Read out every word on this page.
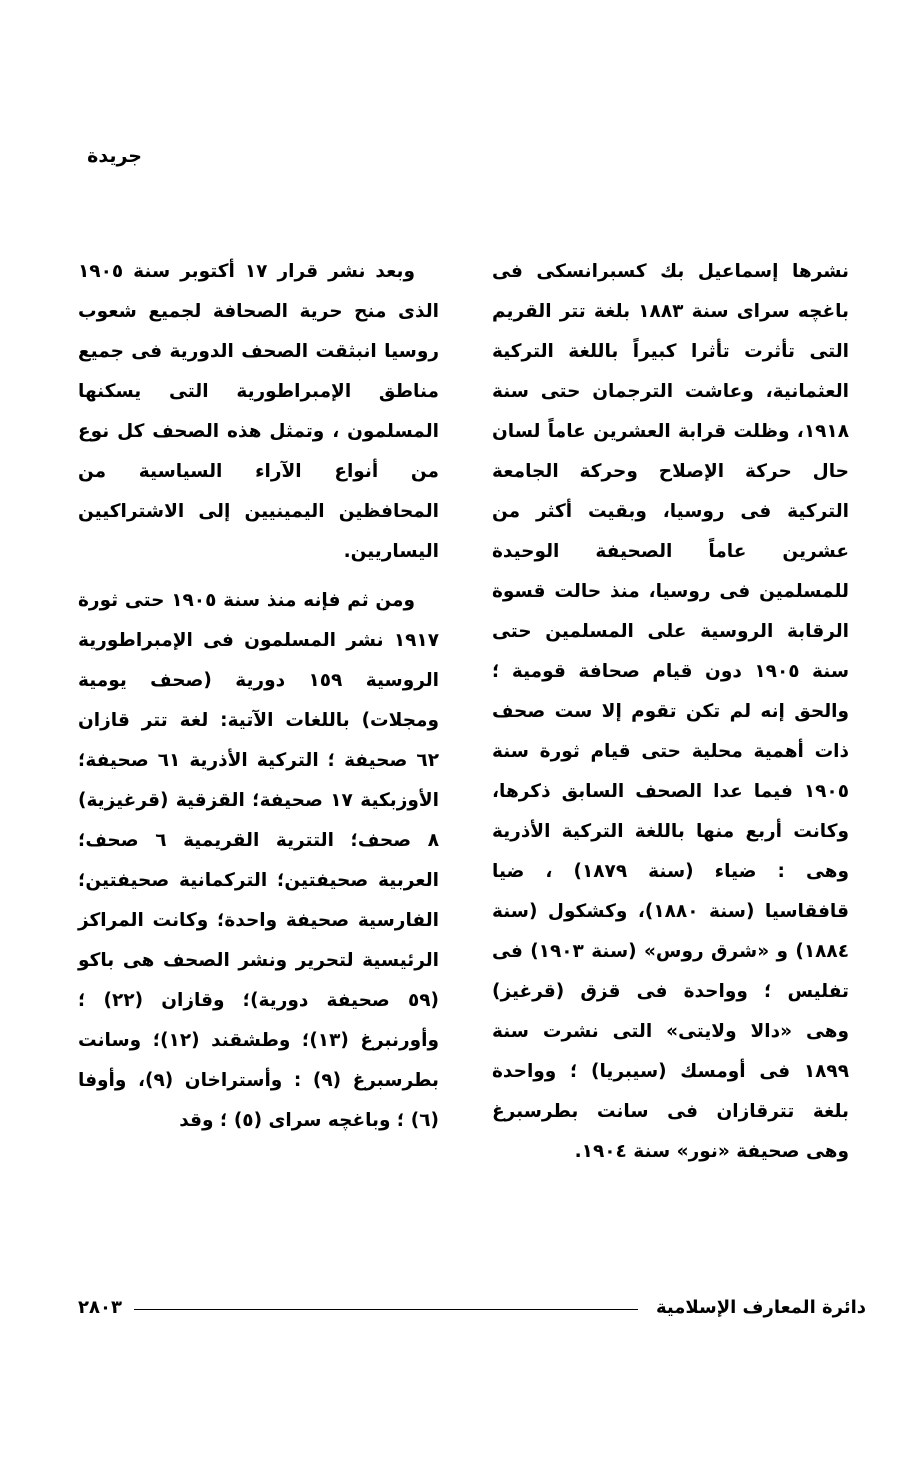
جريدة

نشرها إسماعيل بك كسبرانسكى فى باغچه سراى سنة ١٨٨٣ بلغة تتر القريم التى تأثرت تأثرا كبيراً باللغة التركية العثمانية، وعاشت الترجمان حتى سنة ١٩١٨، وظلت قرابة العشرين عاماً لسان حال حركة الإصلاح وحركة الجامعة التركية فى روسيا، وبقيت أكثر من عشرين عاماً الصحيفة الوحيدة للمسلمين فى روسيا، منذ حالت قسوة الرقابة الروسية على المسلمين حتى سنة ١٩٠٥ دون قيام صحافة قومية ؛ والحق إنه لم تكن تقوم إلا ست صحف ذات أهمية محلية حتى قيام ثورة سنة ١٩٠٥ فيما عدا الصحف السابق ذكرها، وكانت أربع منها باللغة التركية الأذرية وهى : ضياء (سنة ١٨٧٩) ، ضيا قافقاسيا (سنة ١٨٨٠)، وكشكول (سنة ١٨٨٤) و «شرق روس» (سنة ١٩٠٣) فى تفليس ؛ وواحدة فى قزق (قرغيز) وهى «دالا ولايتى» التى نشرت سنة ١٨٩٩ فى أومسك (سيبريا) ؛ وواحدة بلغة تترقازان فى سانت بطرسبرغ وهى صحيفة «نور» سنة ١٩٠٤.

وبعد نشر قرار ١٧ أكتوبر سنة ١٩٠٥ الذى منح حرية الصحافة لجميع شعوب روسيا انبثقت الصحف الدورية فى جميع مناطق الإمبراطورية التى يسكنها المسلمون ، وتمثل هذه الصحف كل نوع من أنواع الآراء السياسية من المحافظين اليمينيين إلى الاشتراكيين اليساريين.

ومن ثم فإنه منذ سنة ١٩٠٥ حتى ثورة ١٩١٧ نشر المسلمون فى الإمبراطورية الروسية ١٥٩ دورية (صحف يومية ومجلات) باللغات الآتية: لغة تتر قازان ٦٢ صحيفة ؛ التركية الأذرية ٦١ صحيفة؛ الأوزبكية ١٧ صحيفة؛ القزقية (قرغيزية) ٨ صحف؛ التترية القريمية ٦ صحف؛ العربية صحيفتين؛ التركمانية صحيفتين؛ الفارسية صحيفة واحدة؛ وكانت المراكز الرئيسية لتحرير ونشر الصحف هى باكو (٥٩ صحيفة دورية)؛ وقازان (٢٢) ؛ وأورنبرغ (١٣)؛ وطشقند (١٢)؛ وسانت بطرسبرغ (٩) : وأستراخان (٩)، وأوفا (٦) ؛ وباغچه سراى (٥) ؛ وقد

دائرة المعارف الإسلامية
٢٨٠٣
